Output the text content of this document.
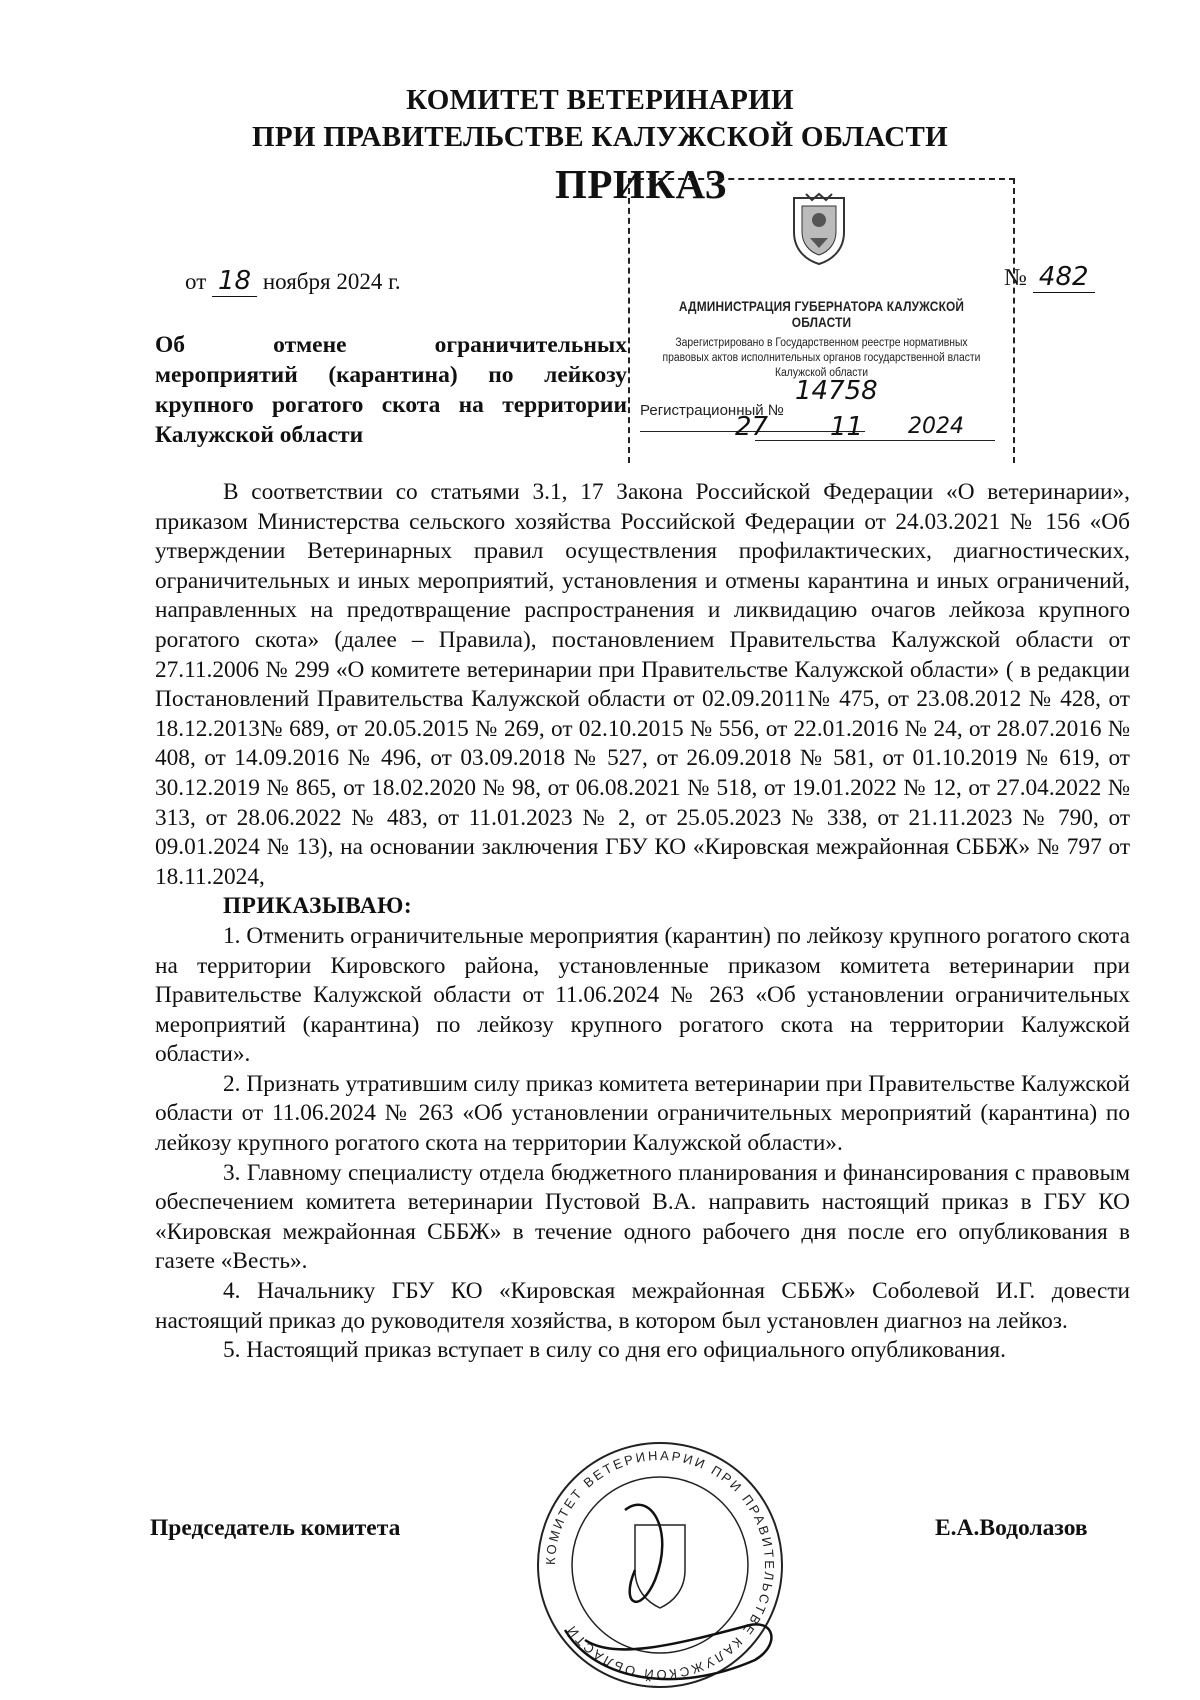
КОМИТЕТ ВЕТЕРИНАРИИ
ПРИ ПРАВИТЕЛЬСТВЕ КАЛУЖСКОЙ ОБЛАСТИ
ПРИКАЗ
от 18 ноября 2024 г.	№ 482
Об отмене ограничительных
мероприятий (карантина) по лейкозу
крупного рогатого скота на территории
Калужской области
АДМИНИСТРАЦИЯ ГУБЕРНАТОРА КАЛУЖСКОЙ ОБЛАСТИ
Зарегистрировано в Государственном реестре нормативных
правовых актов исполнительных органов государственной власти
Калужской области
Регистрационный №
14758
27 11 2024

В соответствии со статьями 3.1, 17 Закона Российской Федерации «О ветеринарии», приказом Министерства сельского хозяйства Российской Федерации от 24.03.2021 № 156 «Об утверждении Ветеринарных правил осуществления профилактических, диагностических, ограничительных и иных мероприятий, установления и отмены карантина и иных ограничений, направленных на предотвращение распространения и ликвидацию очагов лейкоза крупного рогатого скота» (далее – Правила), постановлением Правительства Калужской области от 27.11.2006 № 299 «О комитете ветеринарии при Правительстве Калужской области» ( в редакции Постановлений Правительства Калужской области от 02.09.2011№ 475, от 23.08.2012 № 428, от 18.12.2013№ 689, от 20.05.2015 № 269, от 02.10.2015 № 556, от 22.01.2016 № 24, от 28.07.2016 № 408, от 14.09.2016 № 496, от 03.09.2018 № 527, от 26.09.2018 № 581, от 01.10.2019 № 619, от 30.12.2019 № 865, от 18.02.2020 № 98, от 06.08.2021 № 518, от 19.01.2022 № 12, от 27.04.2022 № 313, от 28.06.2022 № 483, от 11.01.2023 № 2, от 25.05.2023 № 338, от 21.11.2023 № 790, от 09.01.2024 № 13), на основании заключения ГБУ КО «Кировская межрайонная СББЖ» № 797 от 18.11.2024,

ПРИКАЗЫВАЮ:

1. Отменить ограничительные мероприятия (карантин) по лейкозу крупного рогатого скота на территории Кировского района, установленные приказом комитета ветеринарии при Правительстве Калужской области от 11.06.2024 № 263 «Об установлении ограничительных мероприятий (карантина) по лейкозу крупного рогатого скота на территории Калужской области».

2. Признать утратившим силу приказ комитета ветеринарии при Правительстве Калужской области от 11.06.2024 № 263 «Об установлении ограничительных мероприятий (карантина) по лейкозу крупного рогатого скота на территории Калужской области».

3. Главному специалисту отдела бюджетного планирования и финансирования с правовым обеспечением комитета ветеринарии Пустовой В.А. направить настоящий приказ в ГБУ КО «Кировская межрайонная СББЖ» в течение одного рабочего дня после его опубликования в газете «Весть».

4. Начальнику ГБУ КО «Кировская межрайонная СББЖ» Соболевой И.Г. довести настоящий приказ до руководителя хозяйства, в котором был установлен диагноз на лейкоз.

5. Настоящий приказ вступает в силу со дня его официального опубликования.

КОМИТЕТ ВЕТЕРИНАРИИ ПРИ ПРАВИТЕЛЬСТВЕ КАЛУЖСКОЙ ОБЛАСТИ
Председатель комитета	Е.А.Водолазов
